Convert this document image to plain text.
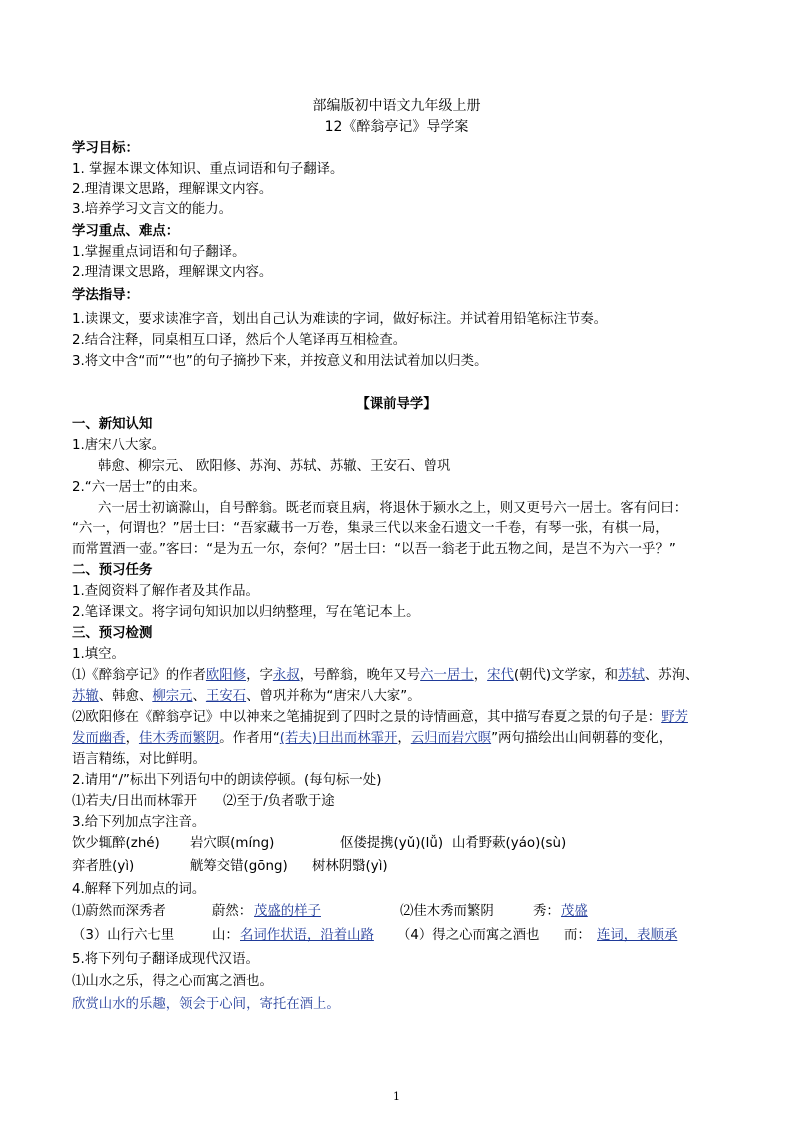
部编版初中语文九年级上册
12《醉翁亭记》导学案
学习目标：
1. 掌握本课文体知识、重点词语和句子翻译。
2.理清课文思路，理解课文内容。
3.培养学习文言文的能力。
学习重点、难点：
1.掌握重点词语和句子翻译。
2.理清课文思路，理解课文内容。
学法指导：
1.读课文，要求读准字音，划出自己认为难读的字词，做好标注。并试着用铅笔标注节奏。
2.结合注释，同桌相互口译，然后个人笔译再互相检查。
3.将文中含“而”“也”的句子摘抄下来，并按意义和用法试着加以归类。
【课前导学】
一、新知认知
1.唐宋八大家。
韩愈、柳宗元、 欧阳修、苏洵、苏轼、苏辙、王安石、曾巩
2.“六一居士”的由来。
六一居士初谪滁山，自号醉翁。既老而衰且病，将退休于颍水之上，则又更号六一居士。客有问曰：
“六一，何谓也？”居士曰：“吾家藏书一万卷，集录三代以来金石遗文一千卷，有琴一张，有棋一局，
而常置酒一壶。”客曰：“是为五一尔，奈何？”居士曰：“以吾一翁老于此五物之间，是岂不为六一乎？”
二、预习任务
1.查阅资料了解作者及其作品。
2.笔译课文。将字词句知识加以归纳整理，写在笔记本上。
三、预习检测
1.填空。
⑴《醉翁亭记》的作者欧阳修，字永叔，号醉翁，晚年又号六一居士，宋代(朝代)文学家，和苏轼、苏洵、
苏辙、韩愈、柳宗元、王安石、曾巩并称为“唐宋八大家”。
⑵欧阳修在《醉翁亭记》中以神来之笔捕捉到了四时之景的诗情画意，其中描写春夏之景的句子是：野芳
发而幽香，佳木秀而繁阴。作者用“(若夫)日出而林霏开，云归而岩穴暝”两句描绘出山间朝暮的变化，
语言精练，对比鲜明。
2.请用“/”标出下列语句中的朗读停顿。(每句标一处)
⑴若夫/日出而林霏开 ⑵至于/负者歌于途
3.给下列加点字注音。
饮少辄醉(zhé) 岩穴暝(míng)	伛偻提携(yǔ)(lǚ) 山肴野蔌(yáo)(sù)
弈者胜(yì)	觥筹交错(gōng) 树林阴翳(yì)
4.解释下列加点的词。
⑴蔚然而深秀者	蔚然： 茂盛的样子	⑵佳木秀而繁阴	秀： 茂盛
（3）山行六七里	山： 名词作状语，沿着山路 （4）得之心而寓之酒也 而： 连词，表顺承
5.将下列句子翻译成现代汉语。
⑴山水之乐，得之心而寓之酒也。
欣赏山水的乐趣，领会于心间，寄托在酒上。
1
